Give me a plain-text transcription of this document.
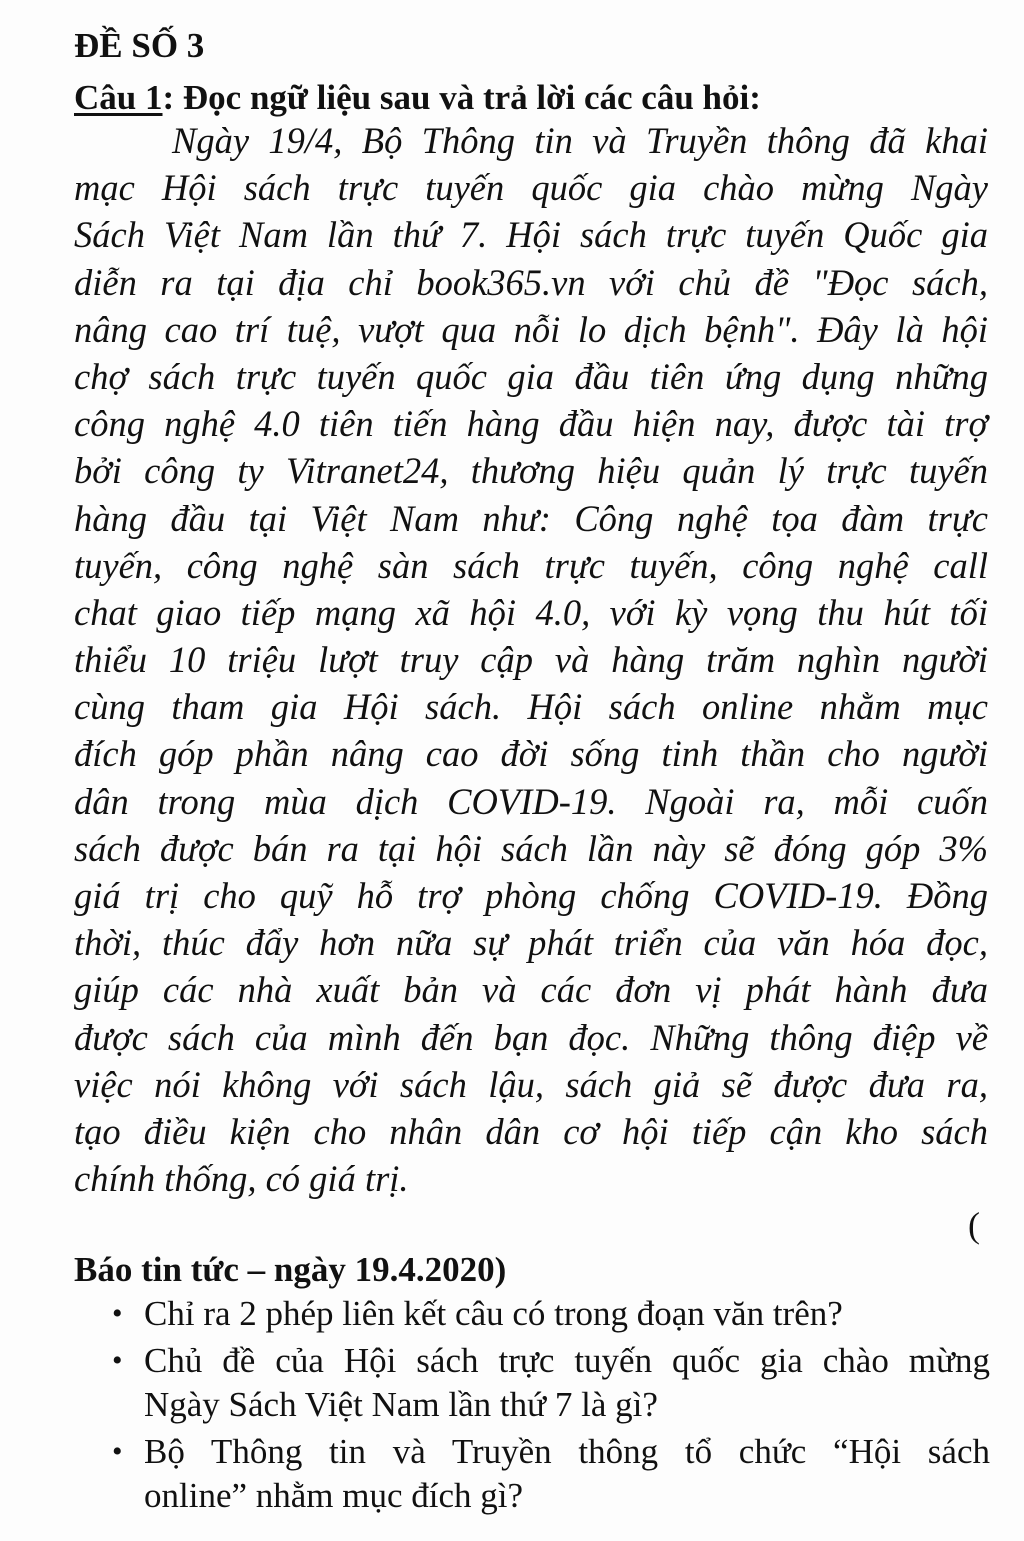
ĐỀ SỐ 3
Câu 1: Đọc ngữ liệu sau và trả lời các câu hỏi:
Ngày 19/4, Bộ Thông tin và Truyền thông đã khai
mạc Hội sách trực tuyến quốc gia chào mừng Ngày
Sách Việt Nam lần thứ 7. Hội sách trực tuyến Quốc gia
diễn ra tại địa chỉ book365.vn với chủ đề "Đọc sách,
nâng cao trí tuệ, vượt qua nỗi lo dịch bệnh". Đây là hội
chợ sách trực tuyến quốc gia đầu tiên ứng dụng những
công nghệ 4.0 tiên tiến hàng đầu hiện nay, được tài trợ
bởi công ty Vitranet24, thương hiệu quản lý trực tuyến
hàng đầu tại Việt Nam như: Công nghệ tọa đàm trực
tuyến, công nghệ sàn sách trực tuyến, công nghệ call
chat giao tiếp mạng xã hội 4.0, với kỳ vọng thu hút tối
thiểu 10 triệu lượt truy cập và hàng trăm nghìn người
cùng tham gia Hội sách. Hội sách online nhằm mục
đích góp phần nâng cao đời sống tinh thần cho người
dân trong mùa dịch COVID-19. Ngoài ra, mỗi cuốn
sách được bán ra tại hội sách lần này sẽ đóng góp 3%
giá trị cho quỹ hỗ trợ phòng chống COVID-19. Đồng
thời, thúc đẩy hơn nữa sự phát triển của văn hóa đọc,
giúp các nhà xuất bản và các đơn vị phát hành đưa
được sách của mình đến bạn đọc. Những thông điệp về
việc nói không với sách lậu, sách giả sẽ được đưa ra,
tạo điều kiện cho nhân dân cơ hội tiếp cận kho sách
chính thống, có giá trị.
(
Báo tin tức – ngày 19.4.2020)
• Chỉ ra 2 phép liên kết câu có trong đoạn văn trên?
• Chủ đề của Hội sách trực tuyến quốc gia chào mừng
Ngày Sách Việt Nam lần thứ 7 là gì?
• Bộ Thông tin và Truyền thông tổ chức “Hội sách
online” nhằm mục đích gì?
